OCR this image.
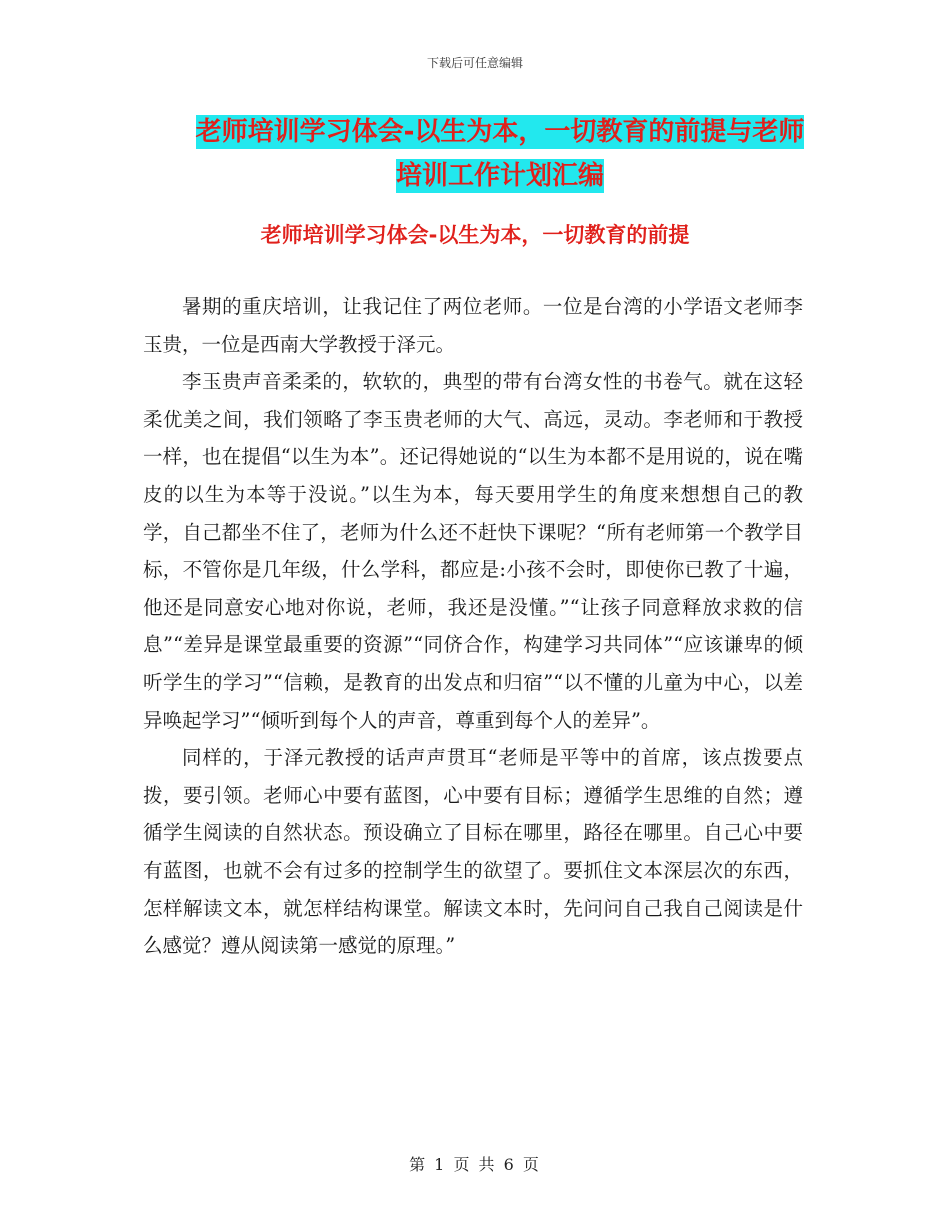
下载后可任意编辑
老师培训学习体会-以生为本，一切教育的前提与老师
培训工作计划汇编
老师培训学习体会-以生为本，一切教育的前提

暑期的重庆培训，让我记住了两位老师。一位是台湾的小学语文老师李玉贵，一位是西南大学教授于泽元。

李玉贵声音柔柔的，软软的，典型的带有台湾女性的书卷气。就在这轻柔优美之间，我们领略了李玉贵老师的大气、高远，灵动。李老师和于教授一样，也在提倡“以生为本”。还记得她说的“以生为本都不是用说的，说在嘴皮的以生为本等于没说。”以生为本，每天要用学生的角度来想想自己的教学，自己都坐不住了，老师为什么还不赶快下课呢？“所有老师第一个教学目标，不管你是几年级，什么学科，都应是:小孩不会时，即使你已教了十遍，他还是同意安心地对你说，老师，我还是没懂。”“让孩子同意释放求救的信息”“差异是课堂最重要的资源”“同侪合作，构建学习共同体”“应该谦卑的倾听学生的学习”“信赖，是教育的出发点和归宿”“以不懂的儿童为中心，以差异唤起学习”“倾听到每个人的声音，尊重到每个人的差异”。

同样的，于泽元教授的话声声贯耳“老师是平等中的首席，该点拨要点拨，要引领。老师心中要有蓝图，心中要有目标；遵循学生思维的自然；遵循学生阅读的自然状态。预设确立了目标在哪里，路径在哪里。自己心中要有蓝图，也就不会有过多的控制学生的欲望了。要抓住文本深层次的东西，怎样解读文本，就怎样结构课堂。解读文本时，先问问自己我自己阅读是什么感觉？遵从阅读第一感觉的原理。”

第 1 页 共 6 页
